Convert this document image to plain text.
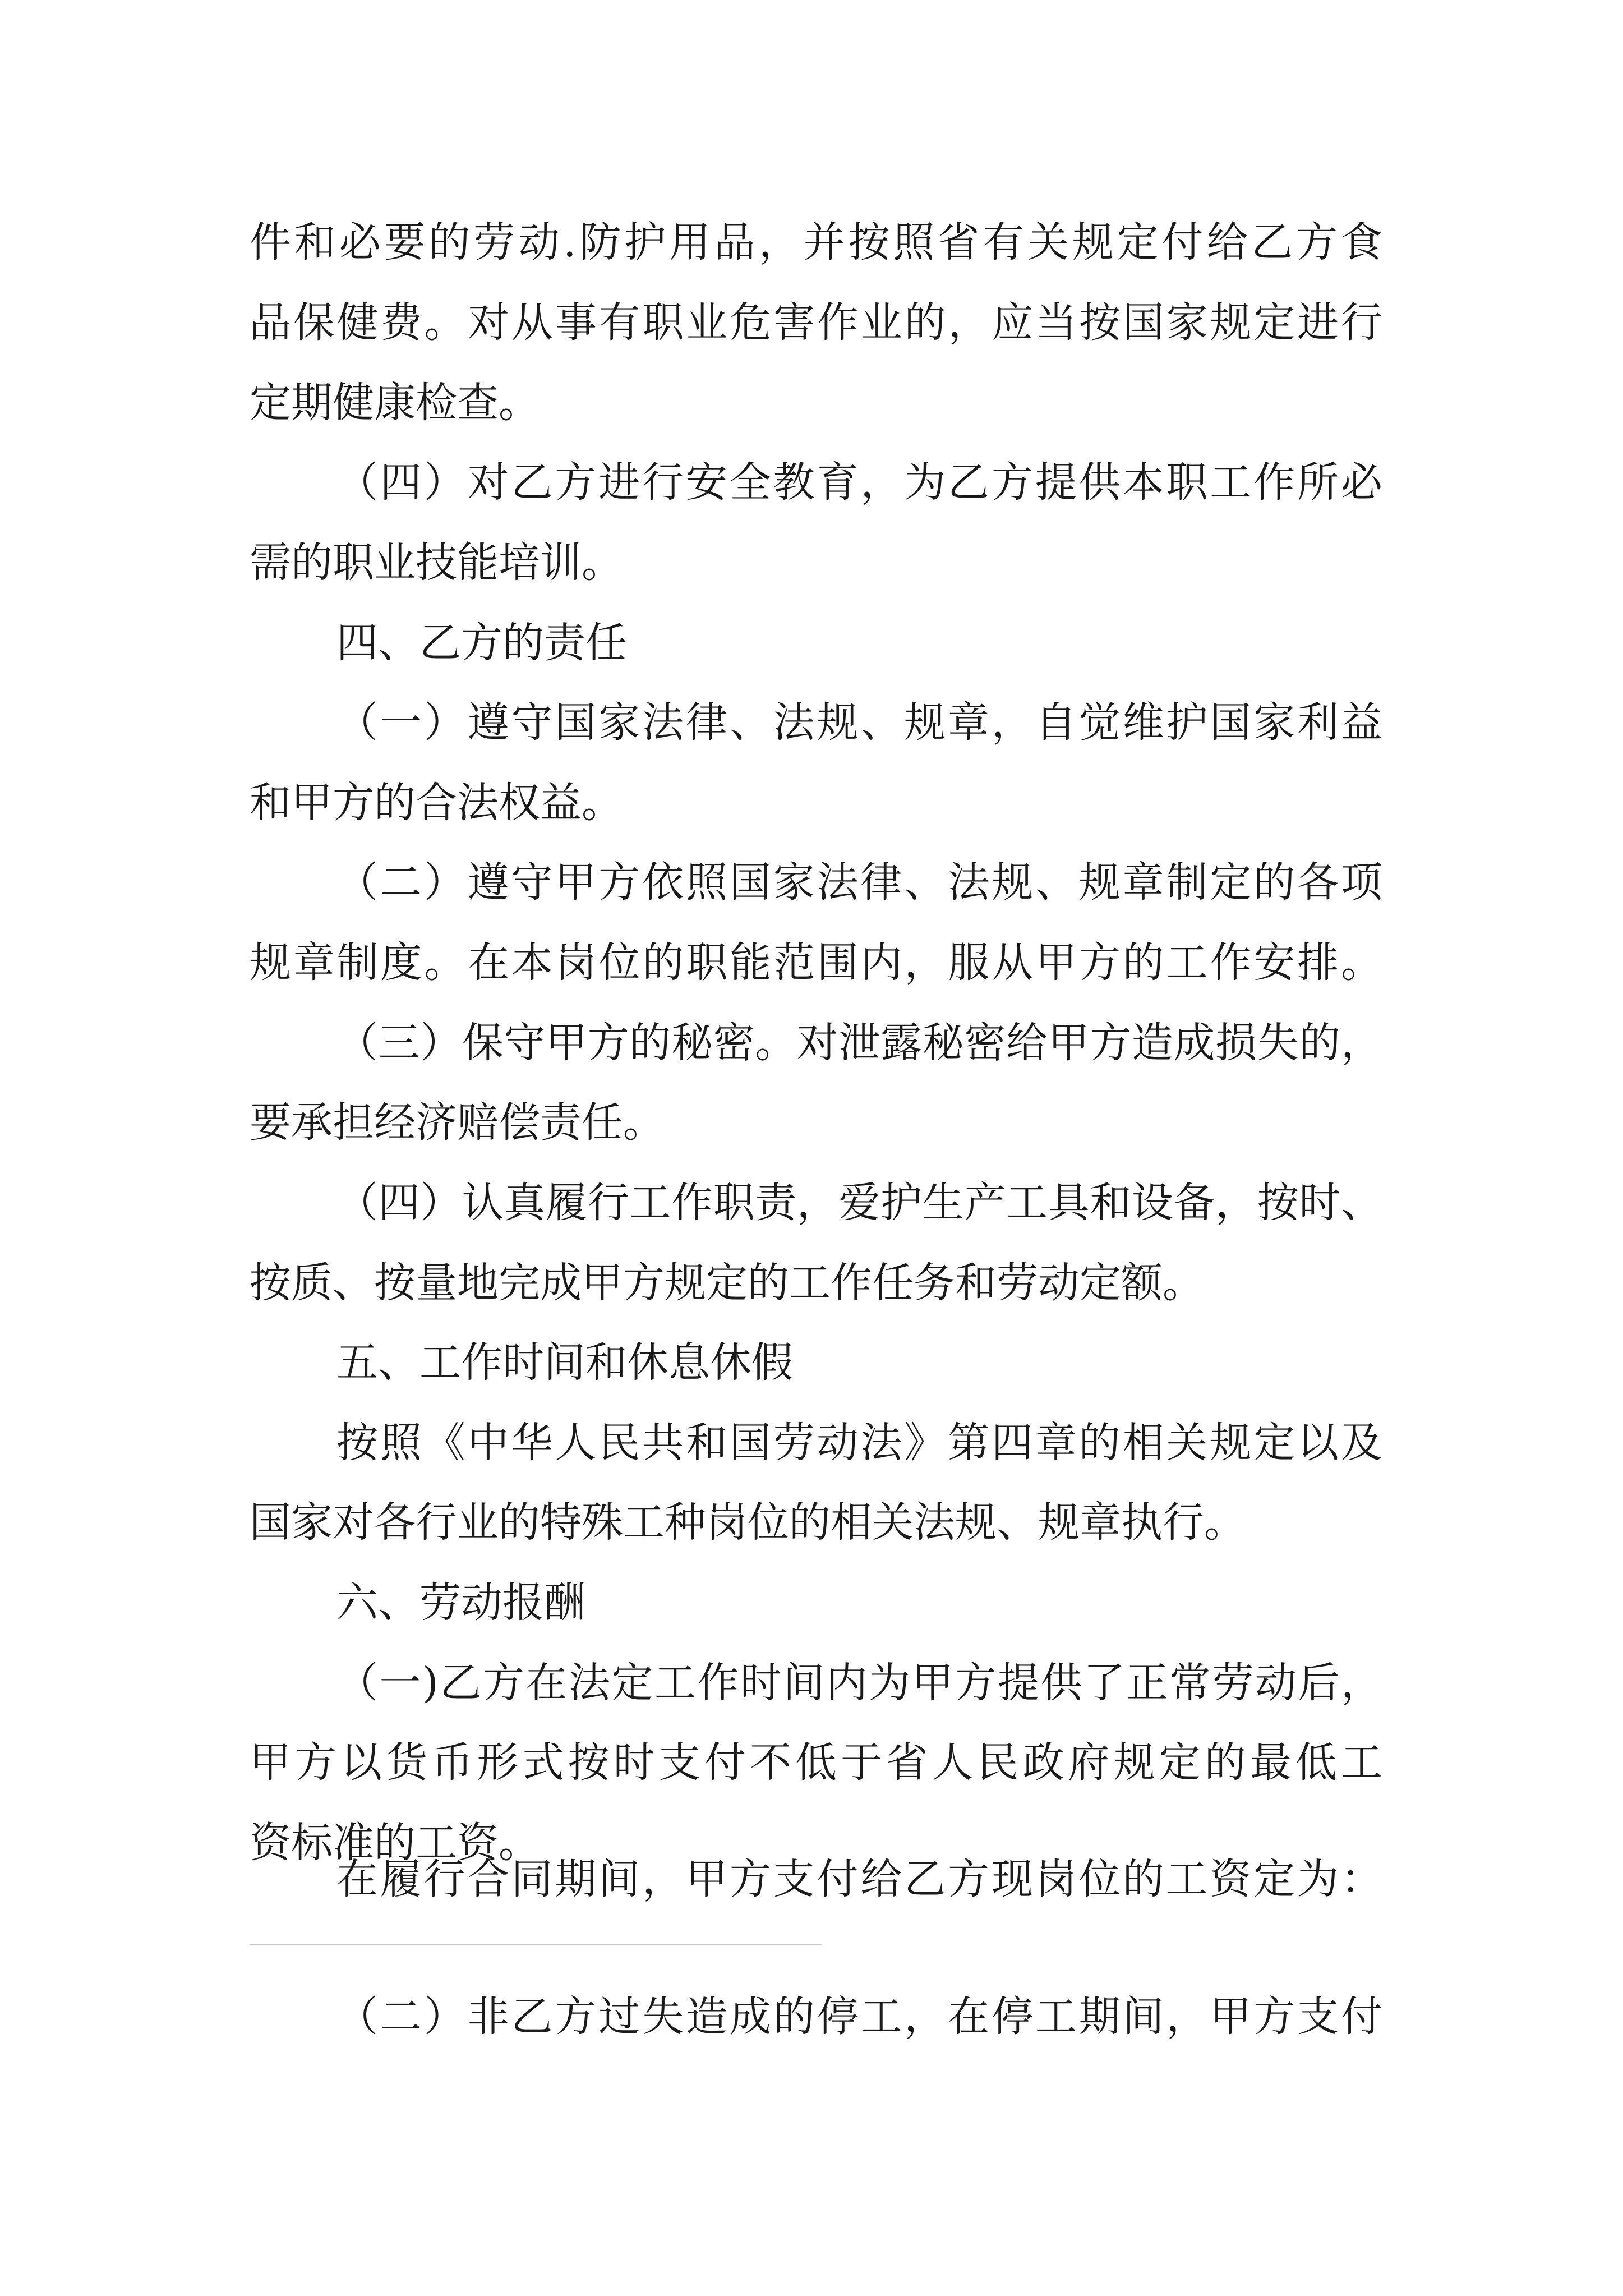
件和必要的劳动.防护用品，并按照省有关规定付给乙方食
品保健费。对从事有职业危害作业的，应当按国家规定进行
定期健康检查。
（四）对乙方进行安全教育，为乙方提供本职工作所必
需的职业技能培训。
四、乙方的责任
（一）遵守国家法律、法规、规章，自觉维护国家利益
和甲方的合法权益。
（二）遵守甲方依照国家法律、法规、规章制定的各项
规章制度。在本岗位的职能范围内，服从甲方的工作安排。
（三）保守甲方的秘密。对泄露秘密给甲方造成损失的，
要承担经济赔偿责任。
（四）认真履行工作职责，爱护生产工具和设备，按时、
按质、按量地完成甲方规定的工作任务和劳动定额。
五、工作时间和休息休假
按照《中华人民共和国劳动法》第四章的相关规定以及
国家对各行业的特殊工种岗位的相关法规、规章执行。
六、劳动报酬
（一)乙方在法定工作时间内为甲方提供了正常劳动后，
甲方以货币形式按时支付不低于省人民政府规定的最低工
资标准的工资。
在履行合同期间，甲方支付给乙方现岗位的工资定为：
（二）非乙方过失造成的停工，在停工期间，甲方支付
